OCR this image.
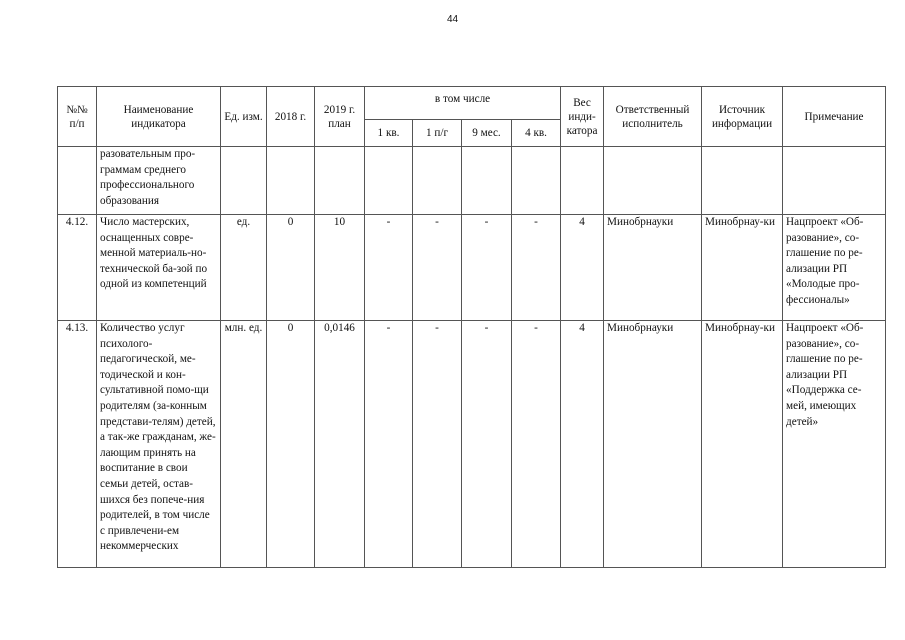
44
№№ п/п	Наименование индикатора	Ед. изм.	2018 г.	2019 г. план	в том числе				Вес инди-катора	Ответственный исполнитель	Источник информации	Примечание
					1 кв.	1 п/г	9 мес.	4 кв.				
	разовательным про-граммам среднего профессионального образования											
4.12.	Число мастерских, оснащенных совре-менной материаль-но- технической ба-зой по одной из компетенций	ед.	0	10	-	-	-	-	4	Минобрнауки	Минобрнау-ки	Нацпроект «Об-разование», со-глашение по ре-ализации РП «Молодые про-фессионалы»
4.13.	Количество услуг психолого-педагогической, ме-тодической и кон-сультативной помо-щи родителям (за-конным представи-телям) детей, а так-же гражданам, же-лающим принять на воспитание в свои семьи детей, остав-шихся без попече-ния родителей, в том числе с привлечени-ем некоммерческих	млн. ед.	0	0,0146	-	-	-	-	4	Минобрнауки	Минобрнау-ки	Нацпроект «Об-разование», со-глашение по ре-ализации РП «Поддержка се-мей, имеющих детей»
